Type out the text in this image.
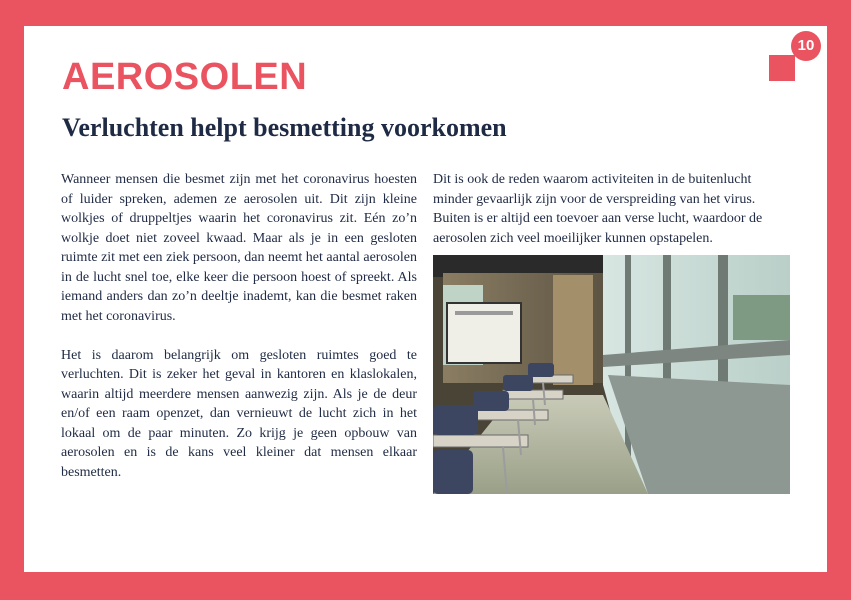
10
AEROSOLEN
Verluchten helpt besmetting voorkomen

Wanneer mensen die besmet zijn met het coronavirus hoesten of luider spreken, ademen ze aerosolen uit. Dit zijn kleine wolkjes of druppeltjes waarin het coronavirus zit. Eén zo’n wolkje doet niet zoveel kwaad. Maar als je in een gesloten ruimte zit met een ziek persoon, dan neemt het aantal aerosolen in de lucht snel toe, elke keer die persoon hoest of spreekt. Als iemand anders dan zo’n deeltje inademt, kan die besmet raken met het coronavirus.

Het is daarom belangrijk om gesloten ruimtes goed te verluchten. Dit is zeker het geval in kantoren en klaslokalen, waarin altijd meerdere mensen aanwezig zijn. Als je de deur en/of een raam openzet, dan vernieuwt de lucht zich in het lokaal om de paar minuten. Zo krijg je geen opbouw van aerosolen en is de kans veel kleiner dat mensen elkaar besmetten.

Dit is ook de reden waarom activiteiten in de buitenlucht minder gevaarlijk zijn voor de verspreiding van het virus. Buiten is er altijd een toevoer aan verse lucht, waardoor de aerosolen zich veel moeilijker kunnen opstapelen.
